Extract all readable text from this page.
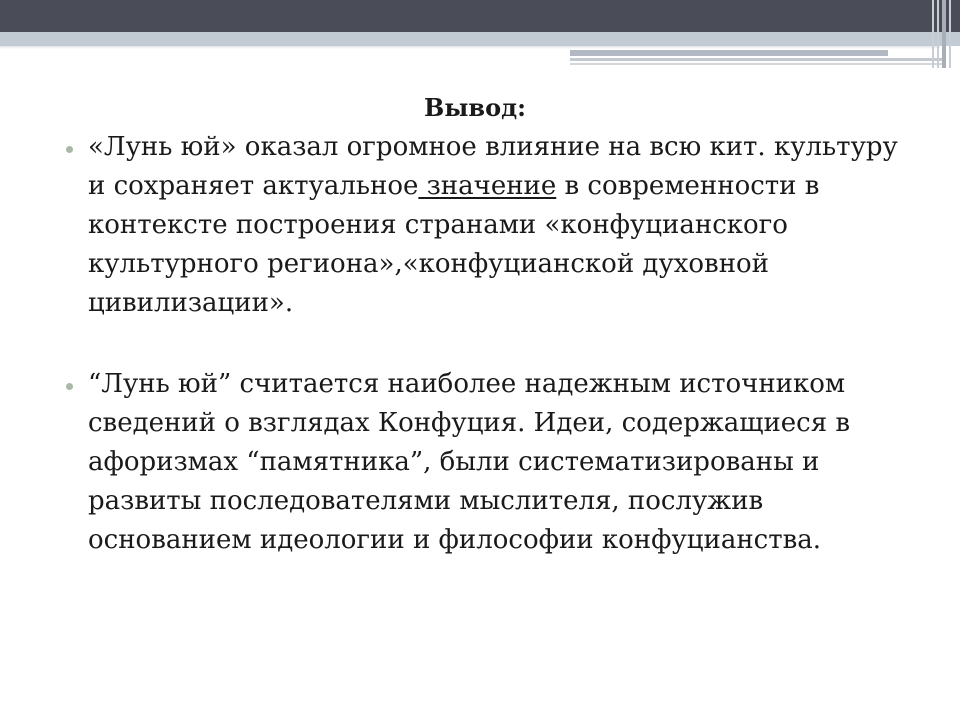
Вывод:
«Лунь юй» оказал огромное влияние на всю кит. культуру и сохраняет актуальное значение в современности в контексте построения странами «конфуцианского культурного региона»,«конфуцианской духовной цивилизации».
“Лунь юй” считается наиболее надежным источником сведений о взглядах Конфуция. Идеи, содержащиеся в афоризмах “памятника”, были систематизированы и развиты последователями мыслителя, послужив основанием идеологии и философии конфуцианства.
